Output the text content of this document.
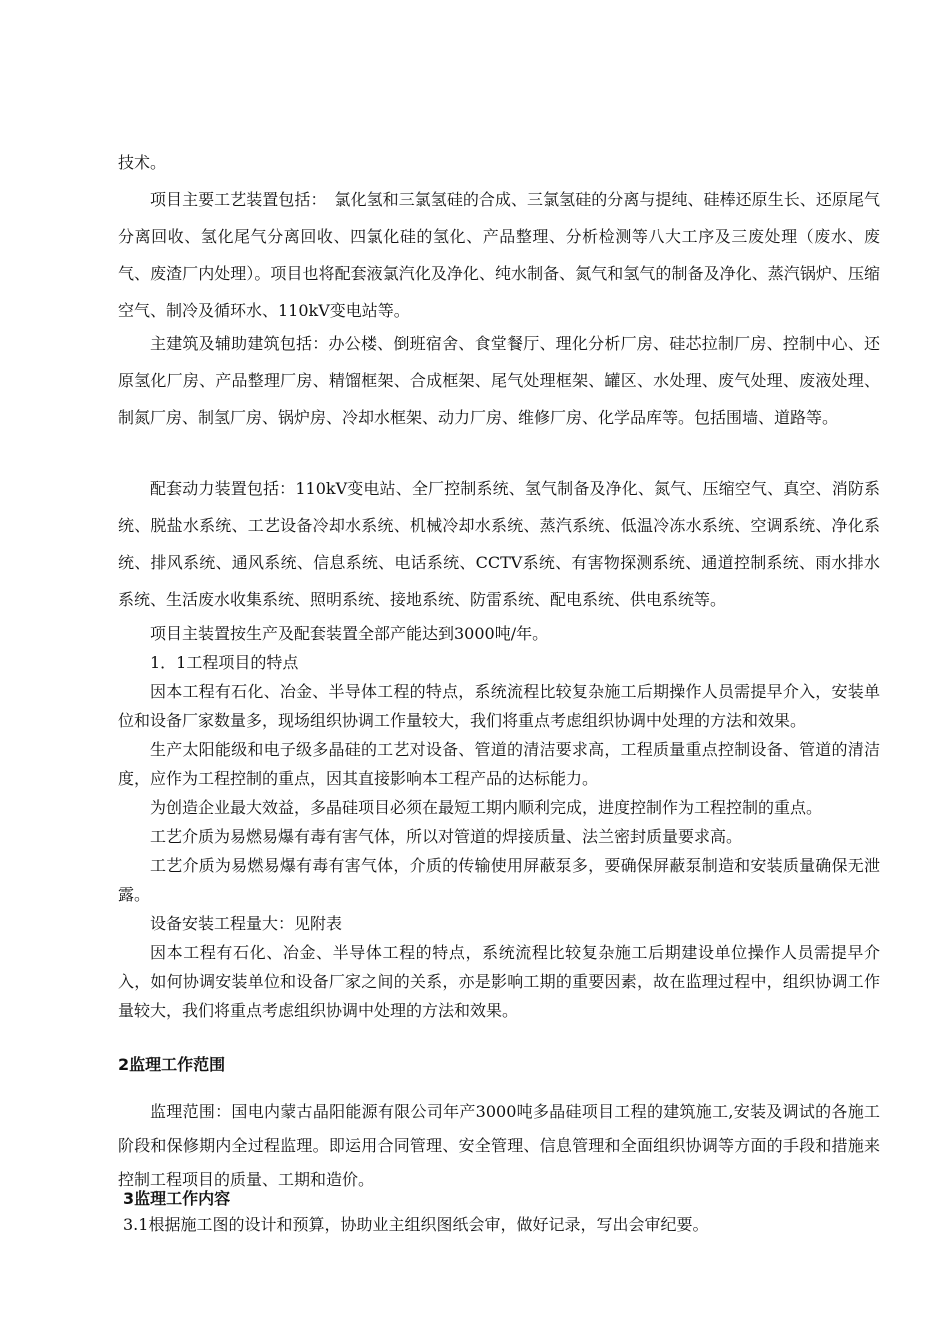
技术。

项目主要工艺装置包括：　氯化氢和三氯氢硅的合成、三氯氢硅的分离与提纯、硅棒还原生长、还原尾气分离回收、氢化尾气分离回收、四氯化硅的氢化、产品整理、分析检测等八大工序及三废处理（废水、废气、废渣厂内处理）。项目也将配套液氯汽化及净化、纯水制备、氮气和氢气的制备及净化、蒸汽锅炉、压缩空气、制冷及循环水、110kV变电站等。

主建筑及辅助建筑包括：办公楼、倒班宿舍、食堂餐厅、理化分析厂房、硅芯拉制厂房、控制中心、还原氢化厂房、产品整理厂房、精馏框架、合成框架、尾气处理框架、罐区、水处理、废气处理、废液处理、制氮厂房、制氢厂房、锅炉房、冷却水框架、动力厂房、维修厂房、化学品库等。包括围墙、道路等。

配套动力装置包括：110kV变电站、全厂控制系统、氢气制备及净化、氮气、压缩空气、真空、消防系统、脱盐水系统、工艺设备冷却水系统、机械冷却水系统、蒸汽系统、低温冷冻水系统、空调系统、净化系统、排风系统、通风系统、信息系统、电话系统、CCTV系统、有害物探测系统、通道控制系统、雨水排水系统、生活废水收集系统、照明系统、接地系统、防雷系统、配电系统、供电系统等。

项目主装置按生产及配套装置全部产能达到3000吨/年。

1．1工程项目的特点

因本工程有石化、冶金、半导体工程的特点，系统流程比较复杂施工后期操作人员需提早介入，安装单位和设备厂家数量多，现场组织协调工作量较大，我们将重点考虑组织协调中处理的方法和效果。

生产太阳能级和电子级多晶硅的工艺对设备、管道的清洁要求高，工程质量重点控制设备、管道的清洁度，应作为工程控制的重点，因其直接影响本工程产品的达标能力。

为创造企业最大效益，多晶硅项目必须在最短工期内顺利完成，进度控制作为工程控制的重点。

工艺介质为易燃易爆有毒有害气体，所以对管道的焊接质量、法兰密封质量要求高。

工艺介质为易燃易爆有毒有害气体，介质的传输使用屏蔽泵多，要确保屏蔽泵制造和安装质量确保无泄露。

设备安装工程量大：见附表

因本工程有石化、冶金、半导体工程的特点，系统流程比较复杂施工后期建设单位操作人员需提早介入，如何协调安装单位和设备厂家之间的关系，亦是影响工期的重要因素，故在监理过程中，组织协调工作量较大，我们将重点考虑组织协调中处理的方法和效果。

2监理工作范围

监理范围：国电内蒙古晶阳能源有限公司年产3000吨多晶硅项目工程的建筑施工,安装及调试的各施工阶段和保修期内全过程监理。即运用合同管理、安全管理、信息管理和全面组织协调等方面的手段和措施来控制工程项目的质量、工期和造价。

3监理工作内容

3.1根据施工图的设计和预算，协助业主组织图纸会审，做好记录，写出会审纪要。
